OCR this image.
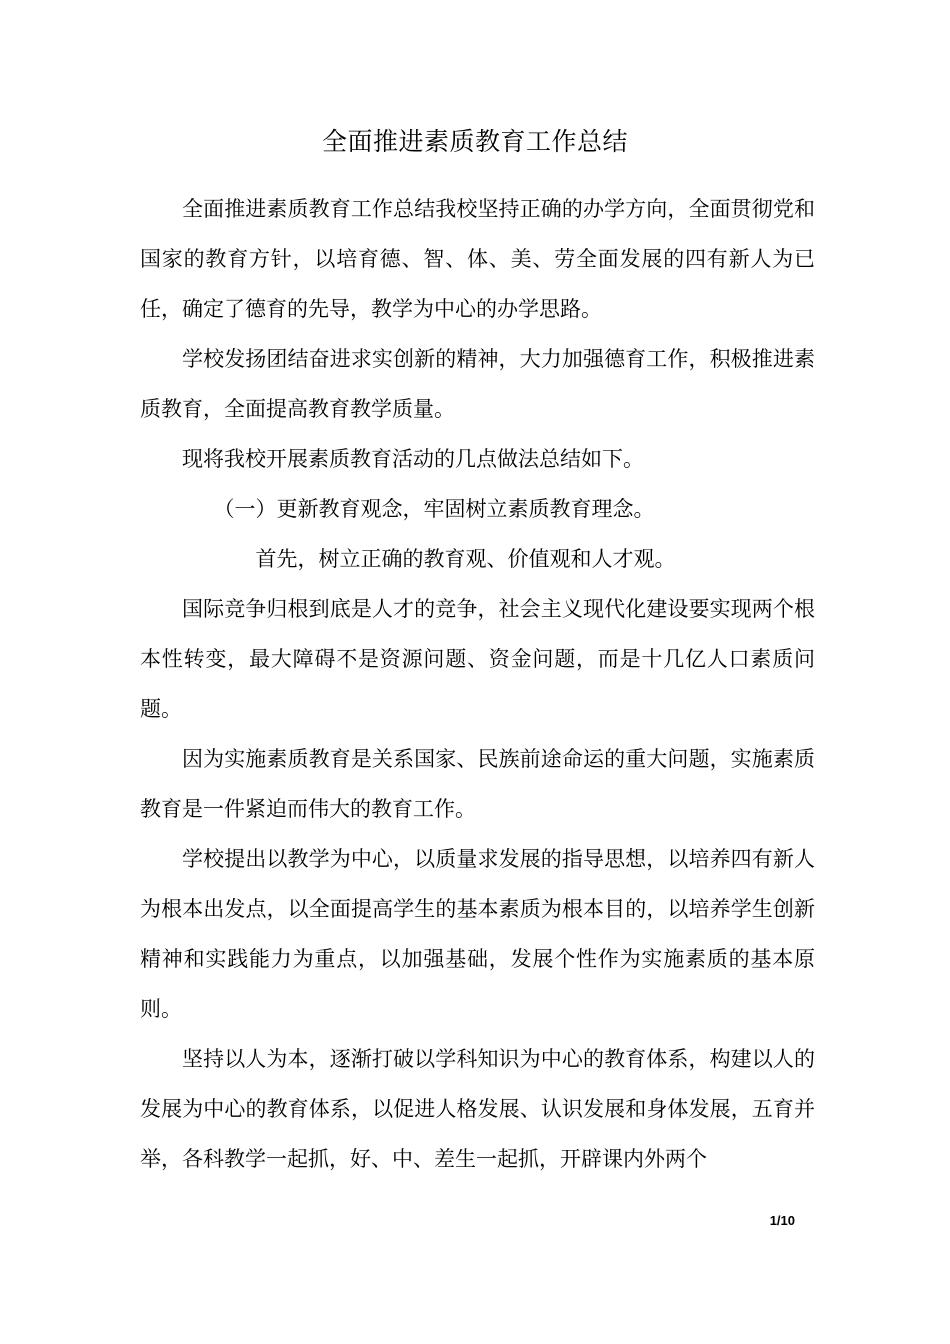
全面推进素质教育工作总结

全面推进素质教育工作总结我校坚持正确的办学方向，全面贯彻党和国家的教育方针，以培育德、智、体、美、劳全面发展的四有新人为已任，确定了德育的先导，教学为中心的办学思路。

学校发扬团结奋进求实创新的精神，大力加强德育工作，积极推进素质教育，全面提高教育教学质量。

现将我校开展素质教育活动的几点做法总结如下。

（一）更新教育观念，牢固树立素质教育理念。

首先，树立正确的教育观、价值观和人才观。

国际竞争归根到底是人才的竞争，社会主义现代化建设要实现两个根本性转变，最大障碍不是资源问题、资金问题，而是十几亿人口素质问题。

因为实施素质教育是关系国家、民族前途命运的重大问题，实施素质教育是一件紧迫而伟大的教育工作。

学校提出以教学为中心，以质量求发展的指导思想，以培养四有新人为根本出发点，以全面提高学生的基本素质为根本目的，以培养学生创新精神和实践能力为重点，以加强基础，发展个性作为实施素质的基本原则。

坚持以人为本，逐渐打破以学科知识为中心的教育体系，构建以人的发展为中心的教育体系，以促进人格发展、认识发展和身体发展，五育并举，各科教学一起抓，好、中、差生一起抓，开辟课内外两个

1/10
